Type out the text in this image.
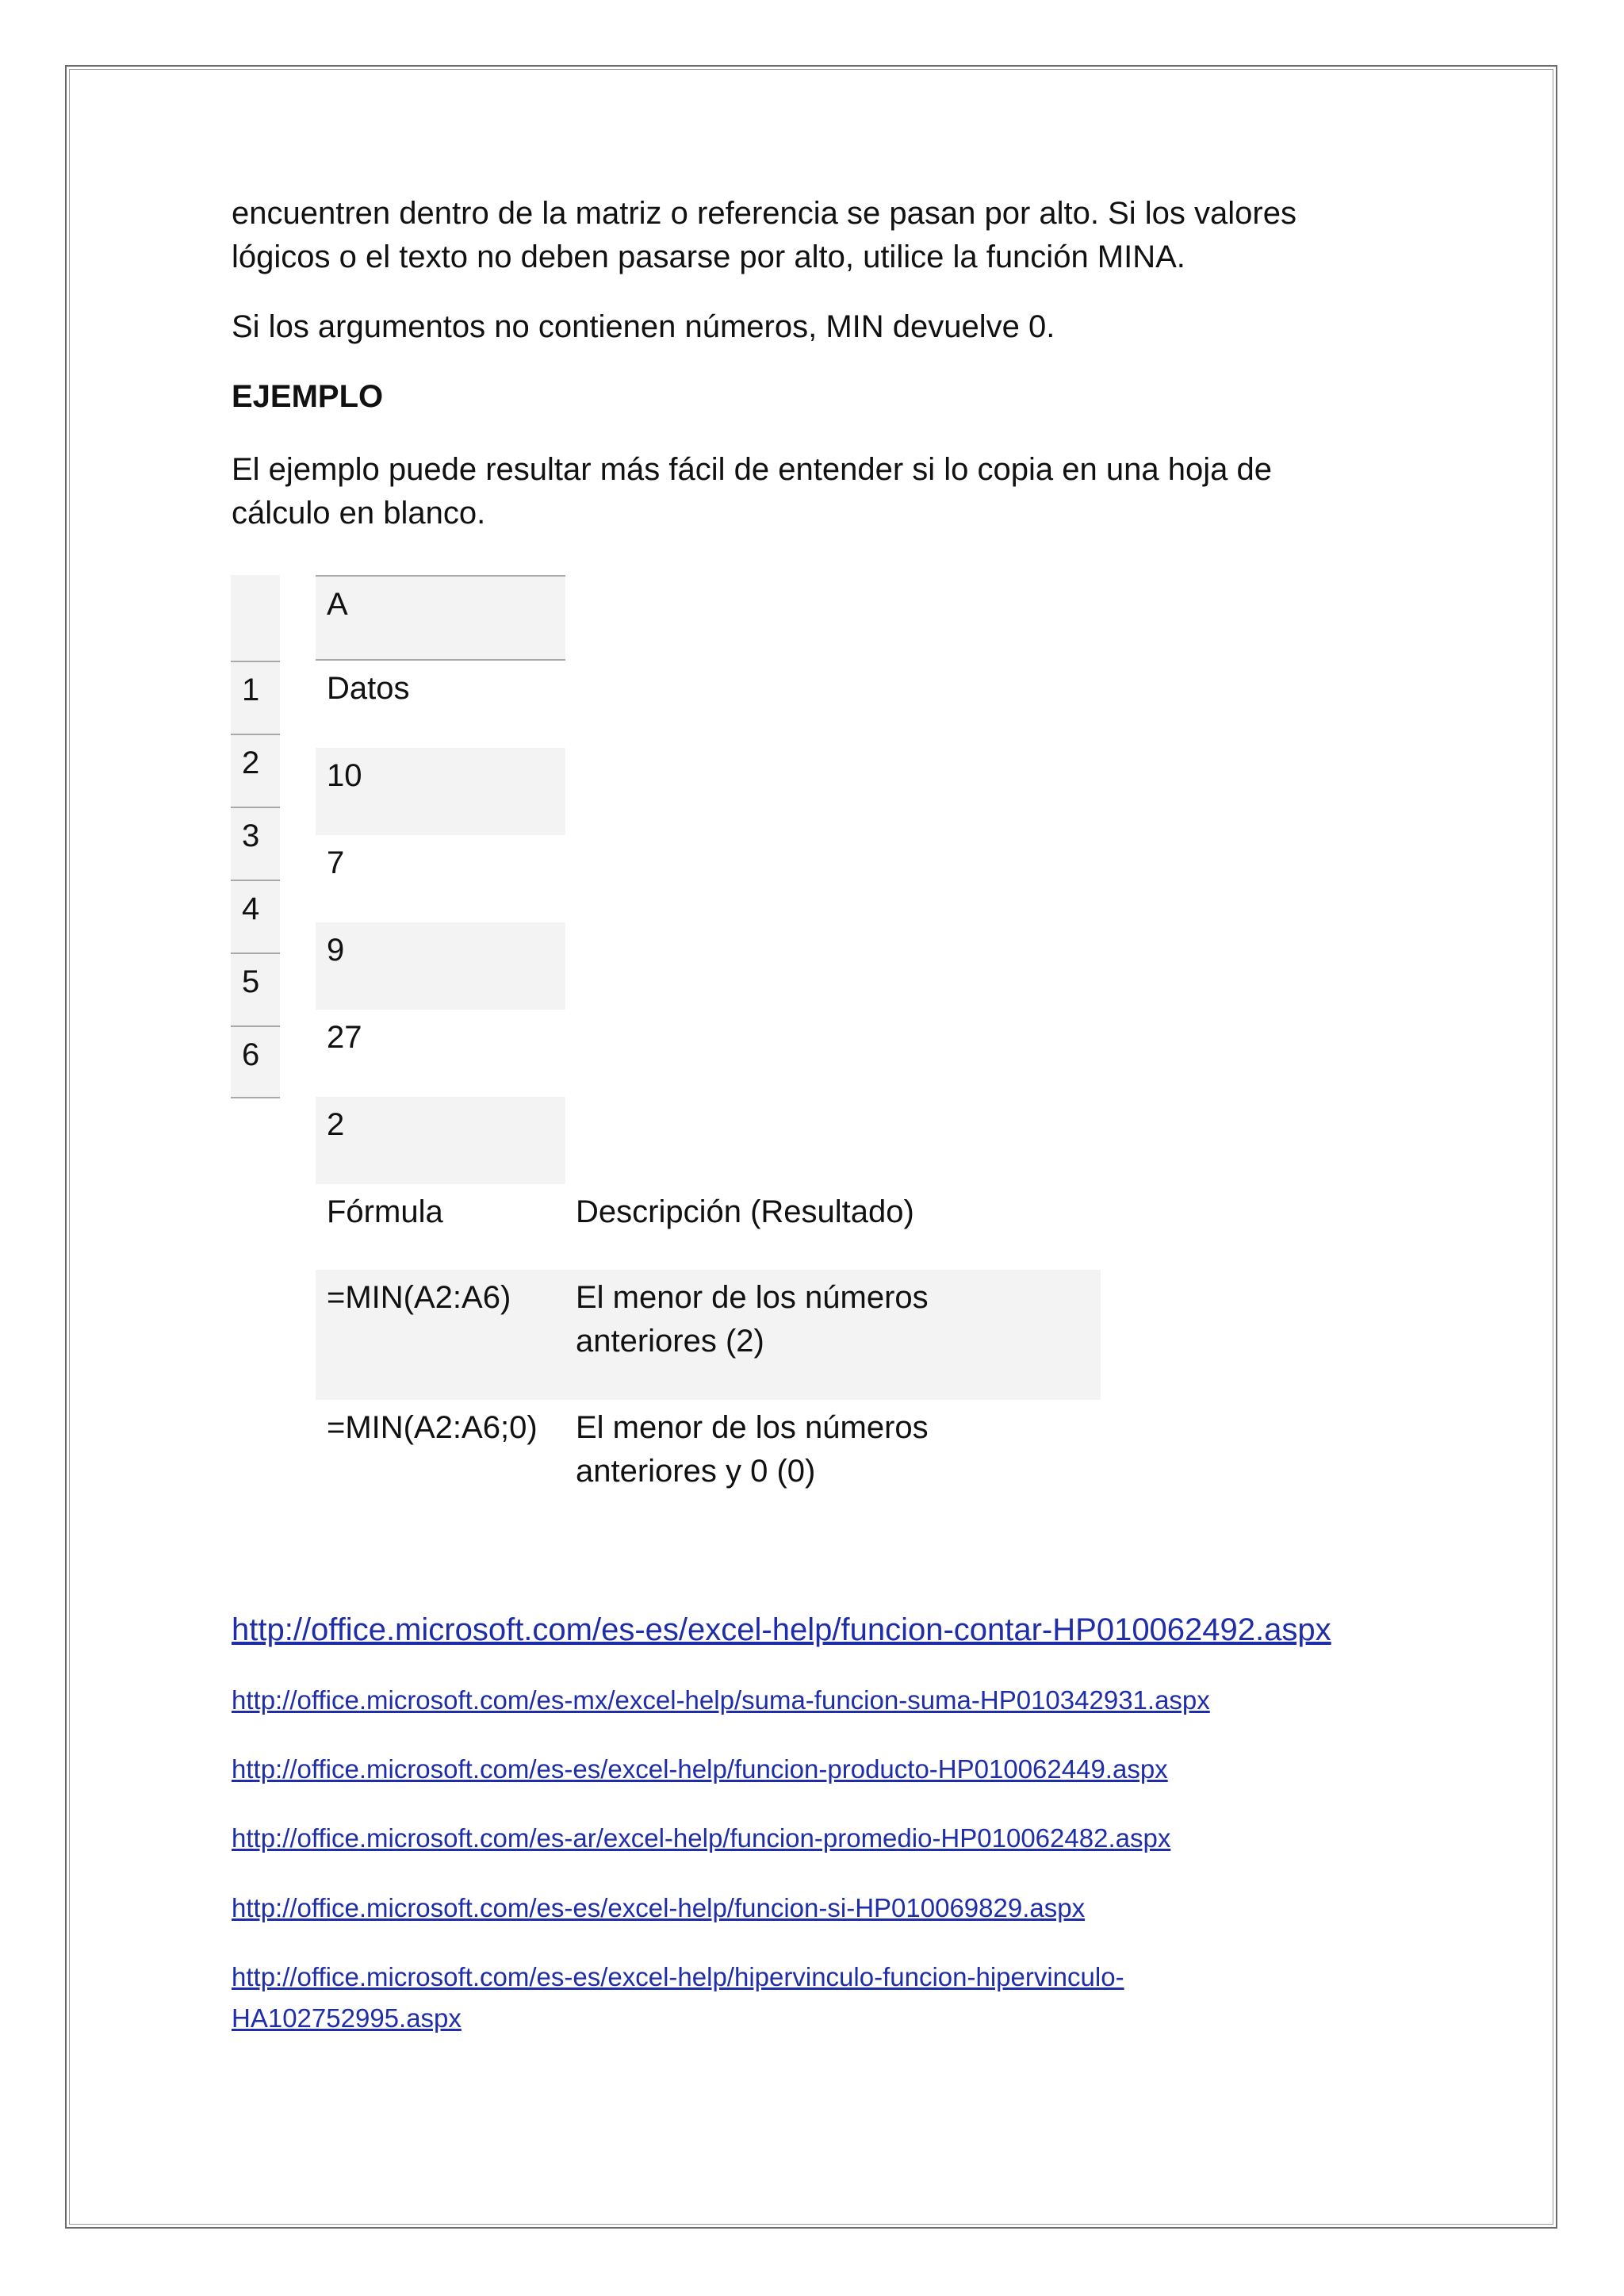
encuentren dentro de la matriz o referencia se pasan por alto. Si los valores
lógicos o el texto no deben pasarse por alto, utilice la función MINA.
Si los argumentos no contienen números, MIN devuelve 0.
EJEMPLO
El ejemplo puede resultar más fácil de entender si lo copia en una hoja de
cálculo en blanco.
1
2
3
4
5
6
A
Datos
10
7
9
27
2
Fórmula	Descripción (Resultado)
=MIN(A2:A6) El menor de los números anteriores (2)
=MIN(A2:A6;0) El menor de los números anteriores y 0 (0)
http://office.microsoft.com/es-es/excel-help/funcion-contar-HP010062492.aspx
http://office.microsoft.com/es-mx/excel-help/suma-funcion-suma-HP010342931.aspx
http://office.microsoft.com/es-es/excel-help/funcion-producto-HP010062449.aspx
http://office.microsoft.com/es-ar/excel-help/funcion-promedio-HP010062482.aspx
http://office.microsoft.com/es-es/excel-help/funcion-si-HP010069829.aspx
http://office.microsoft.com/es-es/excel-help/hipervinculo-funcion-hipervinculo-
HA102752995.aspx
